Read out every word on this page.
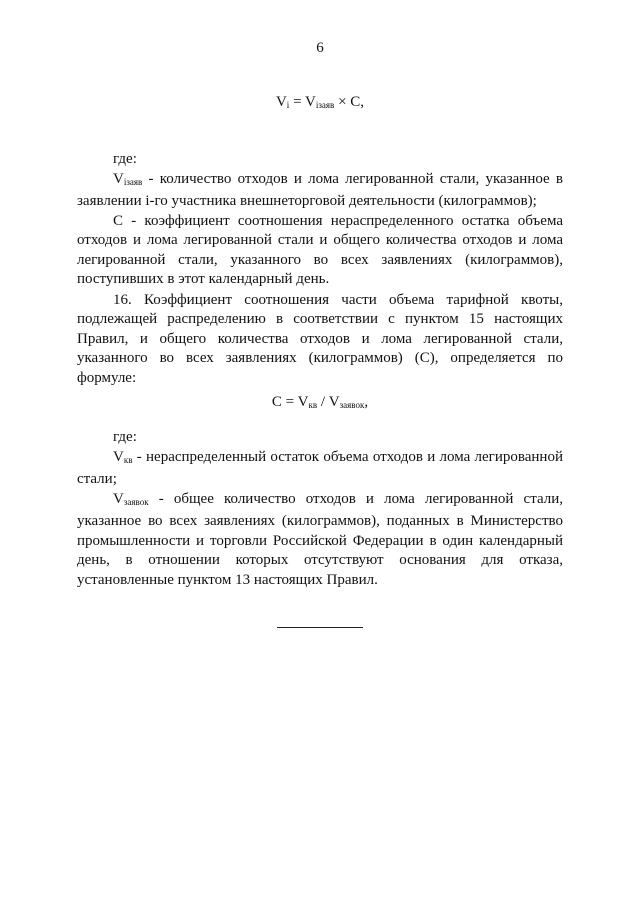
6
$V_i = V_{iзаяв} \times C$,

где:

$V_{iзаяв}$ - количество отходов и лома легированной стали, указанное в заявлении i-го участника внешнеторговой деятельности (килограммов);

С - коэффициент соотношения нераспределенного остатка объема отходов и лома легированной стали и общего количества отходов и лома легированной стали, указанного во всех заявлениях (килограммов), поступивших в этот календарный день.

16. Коэффициент соотношения части объема тарифной квоты, подлежащей распределению в соответствии с пунктом 15 настоящих Правил, и общего количества отходов и лома легированной стали, указанного во всех заявлениях (килограммов) (С), определяется по формуле:

$C = V_{кв} / V_{заявок}$,

где:

$V_{кв}$ - нераспределенный остаток объема отходов и лома легированной стали;

$V_{заявок}$ - общее количество отходов и лома легированной стали, указанное во всех заявлениях (килограммов), поданных в Министерство промышленности и торговли Российской Федерации в один календарный день, в отношении которых отсутствуют основания для отказа, установленные пунктом 13 настоящих Правил.
